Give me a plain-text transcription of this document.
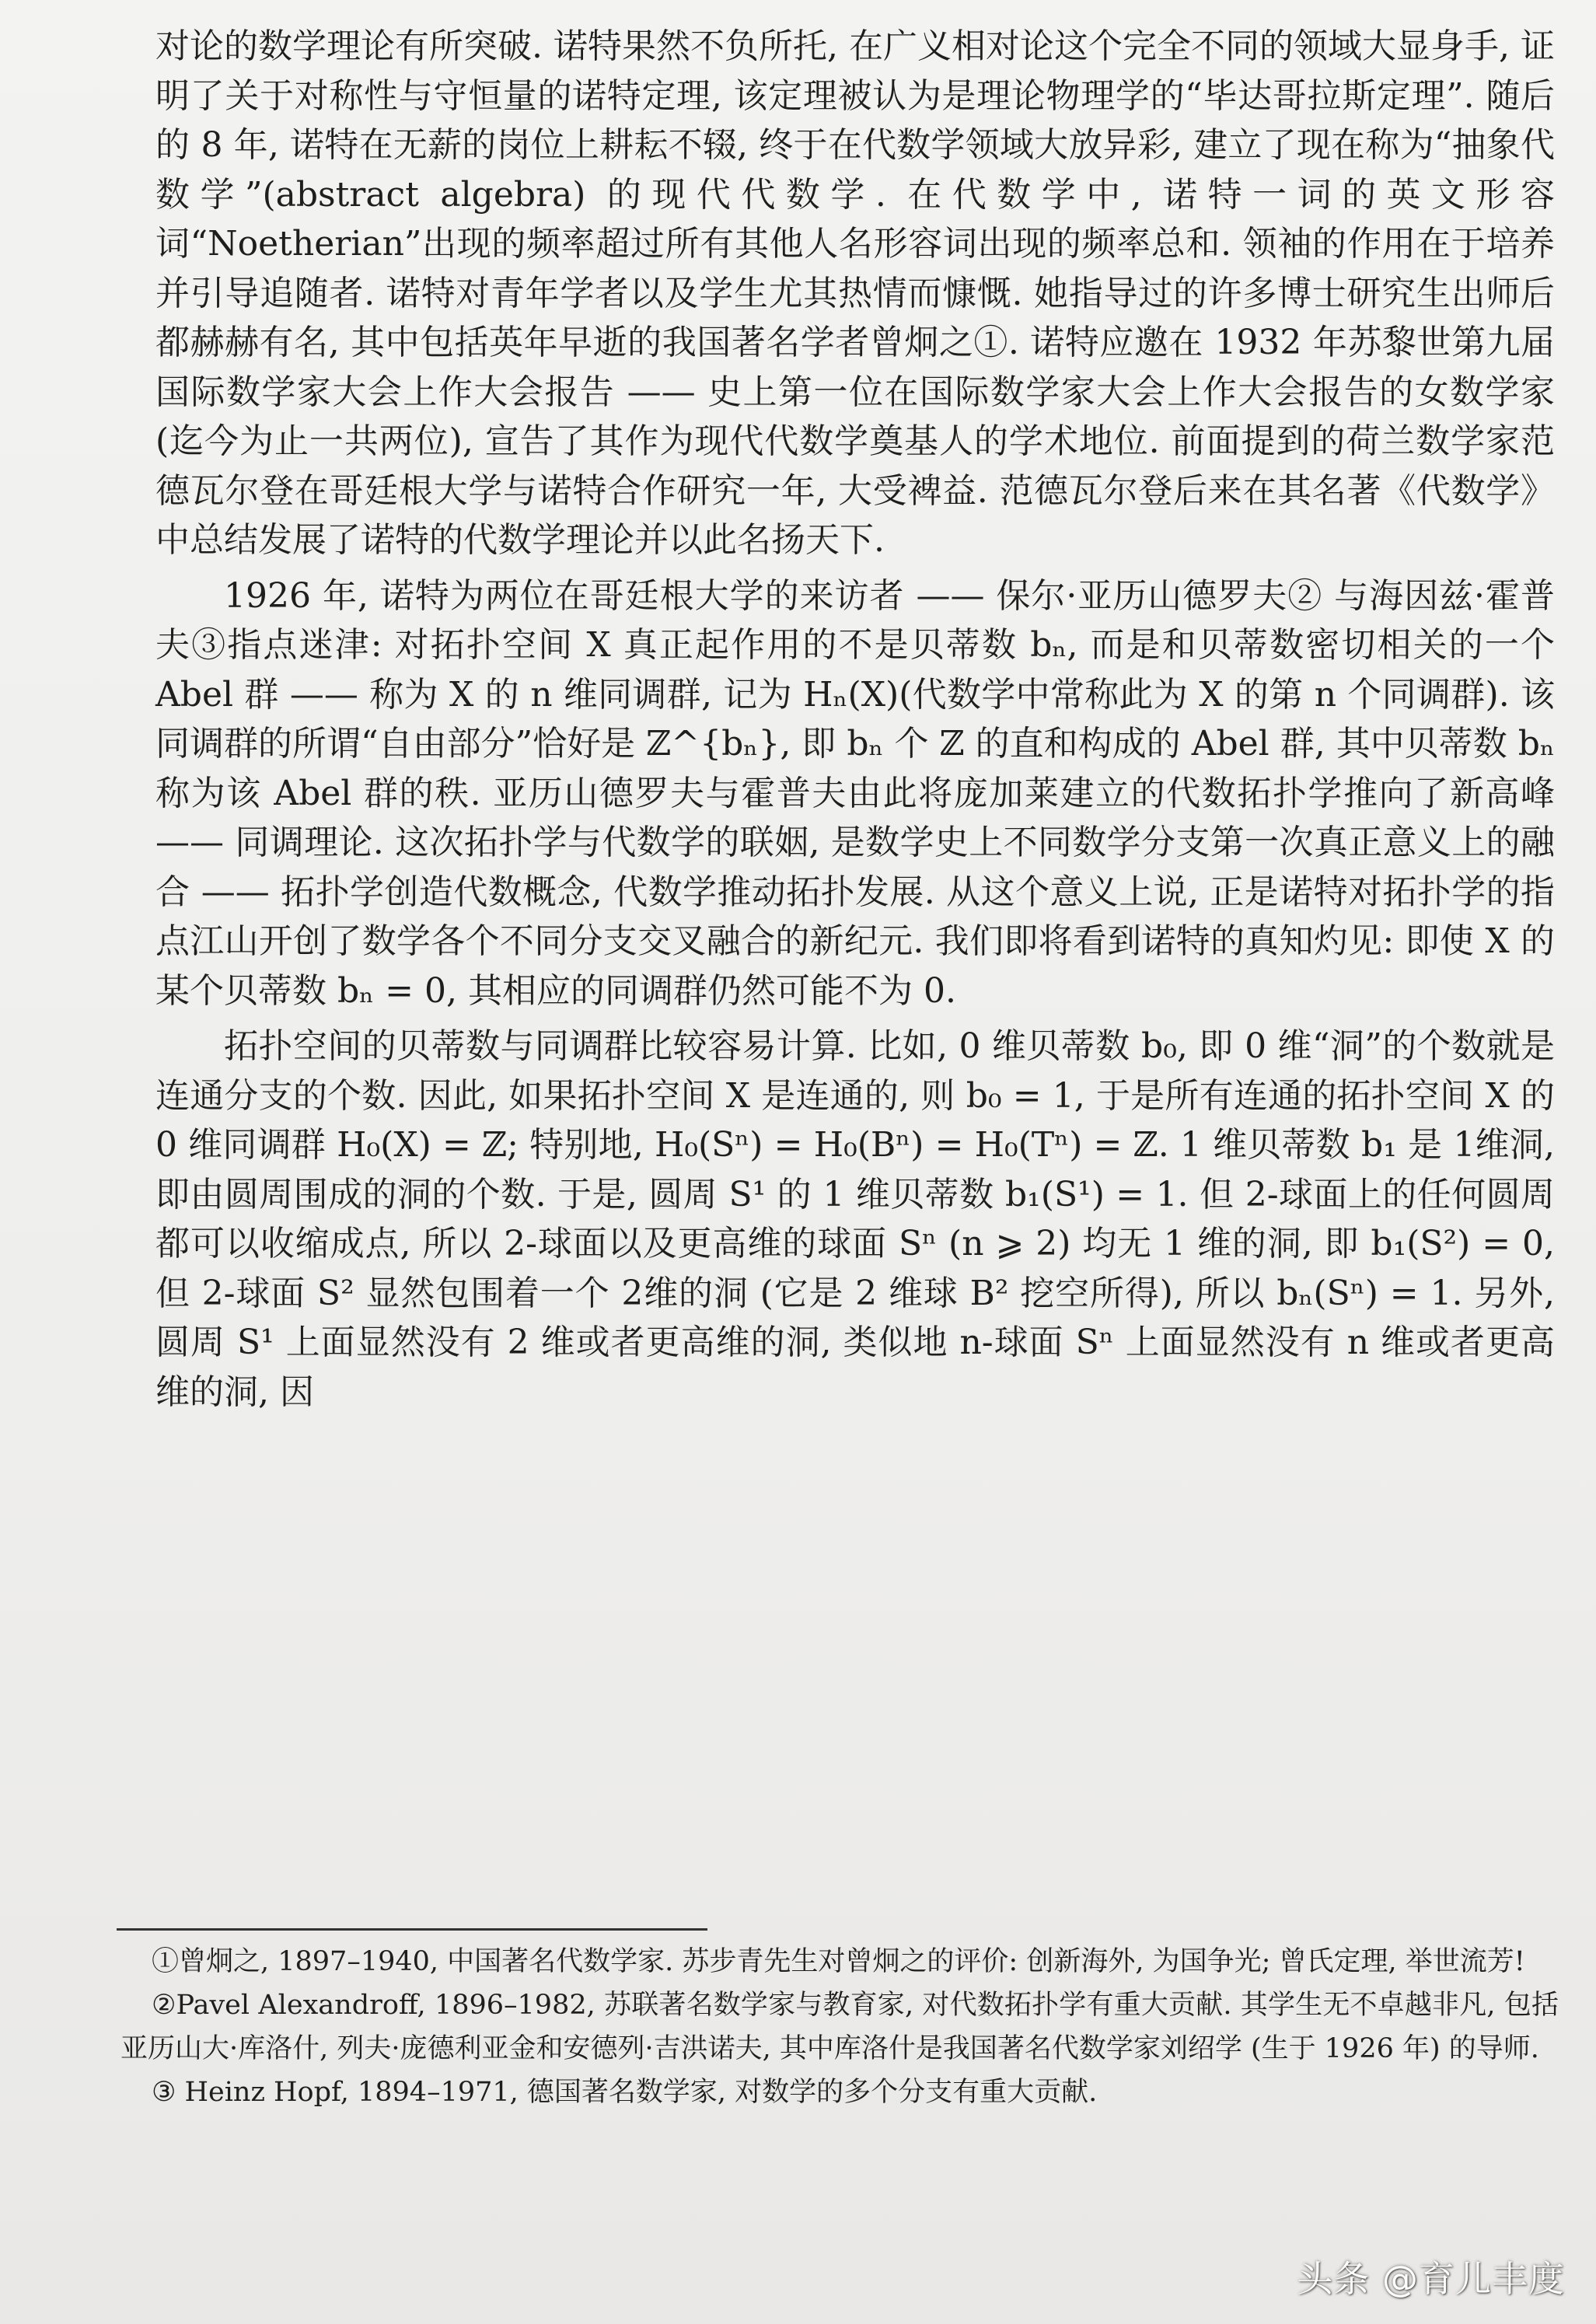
对论的数学理论有所突破. 诺特果然不负所托, 在广义相对论这个完全不同的领域大显身手, 证明了关于对称性与守恒量的诺特定理, 该定理被认为是理论物理学的“毕达哥拉斯定理”. 随后的 8 年, 诺特在无薪的岗位上耕耘不辍, 终于在代数学领域大放异彩, 建立了现在称为“抽象代数学”(abstract algebra) 的现代代数学. 在代数学中, 诺特一词的英文形容词“Noetherian”出现的频率超过所有其他人名形容词出现的频率总和. 领袖的作用在于培养并引导追随者. 诺特对青年学者以及学生尤其热情而慷慨. 她指导过的许多博士研究生出师后都赫赫有名, 其中包括英年早逝的我国著名学者曾炯之①. 诺特应邀在 1932 年苏黎世第九届国际数学家大会上作大会报告 —— 史上第一位在国际数学家大会上作大会报告的女数学家 (迄今为止一共两位), 宣告了其作为现代代数学奠基人的学术地位. 前面提到的荷兰数学家范德瓦尔登在哥廷根大学与诺特合作研究一年, 大受裨益. 范德瓦尔登后来在其名著《代数学》中总结发展了诺特的代数学理论并以此名扬天下.

1926 年, 诺特为两位在哥廷根大学的来访者 —— 保尔·亚历山德罗夫② 与海因兹·霍普夫③指点迷津: 对拓扑空间 X 真正起作用的不是贝蒂数 bₙ, 而是和贝蒂数密切相关的一个 Abel 群 —— 称为 X 的 n 维同调群, 记为 Hₙ(X)(代数学中常称此为 X 的第 n 个同调群). 该同调群的所谓“自由部分”恰好是 ℤ^{bₙ}, 即 bₙ 个 ℤ 的直和构成的 Abel 群, 其中贝蒂数 bₙ 称为该 Abel 群的秩. 亚历山德罗夫与霍普夫由此将庞加莱建立的代数拓扑学推向了新高峰 —— 同调理论. 这次拓扑学与代数学的联姻, 是数学史上不同数学分支第一次真正意义上的融合 —— 拓扑学创造代数概念, 代数学推动拓扑发展. 从这个意义上说, 正是诺特对拓扑学的指点江山开创了数学各个不同分支交叉融合的新纪元. 我们即将看到诺特的真知灼见: 即使 X 的某个贝蒂数 bₙ = 0, 其相应的同调群仍然可能不为 0.

拓扑空间的贝蒂数与同调群比较容易计算. 比如, 0 维贝蒂数 b₀, 即 0 维“洞”的个数就是连通分支的个数. 因此, 如果拓扑空间 X 是连通的, 则 b₀ = 1, 于是所有连通的拓扑空间 X 的 0 维同调群 H₀(X) = ℤ; 特别地, H₀(Sⁿ) = H₀(Bⁿ) = H₀(Tⁿ) = ℤ. 1 维贝蒂数 b₁ 是 1维洞, 即由圆周围成的洞的个数. 于是, 圆周 S¹ 的 1 维贝蒂数 b₁(S¹) = 1. 但 2-球面上的任何圆周都可以收缩成点, 所以 2-球面以及更高维的球面 Sⁿ (n ⩾ 2) 均无 1 维的洞, 即 b₁(S²) = 0, 但 2-球面 S² 显然包围着一个 2维的洞 (它是 2 维球 B² 挖空所得), 所以 bₙ(Sⁿ) = 1. 另外, 圆周 S¹ 上面显然没有 2 维或者更高维的洞, 类似地 n-球面 Sⁿ 上面显然没有 n 维或者更高维的洞, 因

①曾炯之, 1897–1940, 中国著名代数学家. 苏步青先生对曾炯之的评价: 创新海外, 为国争光; 曾氏定理, 举世流芳!

②Pavel Alexandroff, 1896–1982, 苏联著名数学家与教育家, 对代数拓扑学有重大贡献. 其学生无不卓越非凡, 包括亚历山大·库洛什, 列夫·庞德利亚金和安德列·吉洪诺夫, 其中库洛什是我国著名代数学家刘绍学 (生于 1926 年) 的导师.

③ Heinz Hopf, 1894–1971, 德国著名数学家, 对数学的多个分支有重大贡献.

头条 @育儿丰度
